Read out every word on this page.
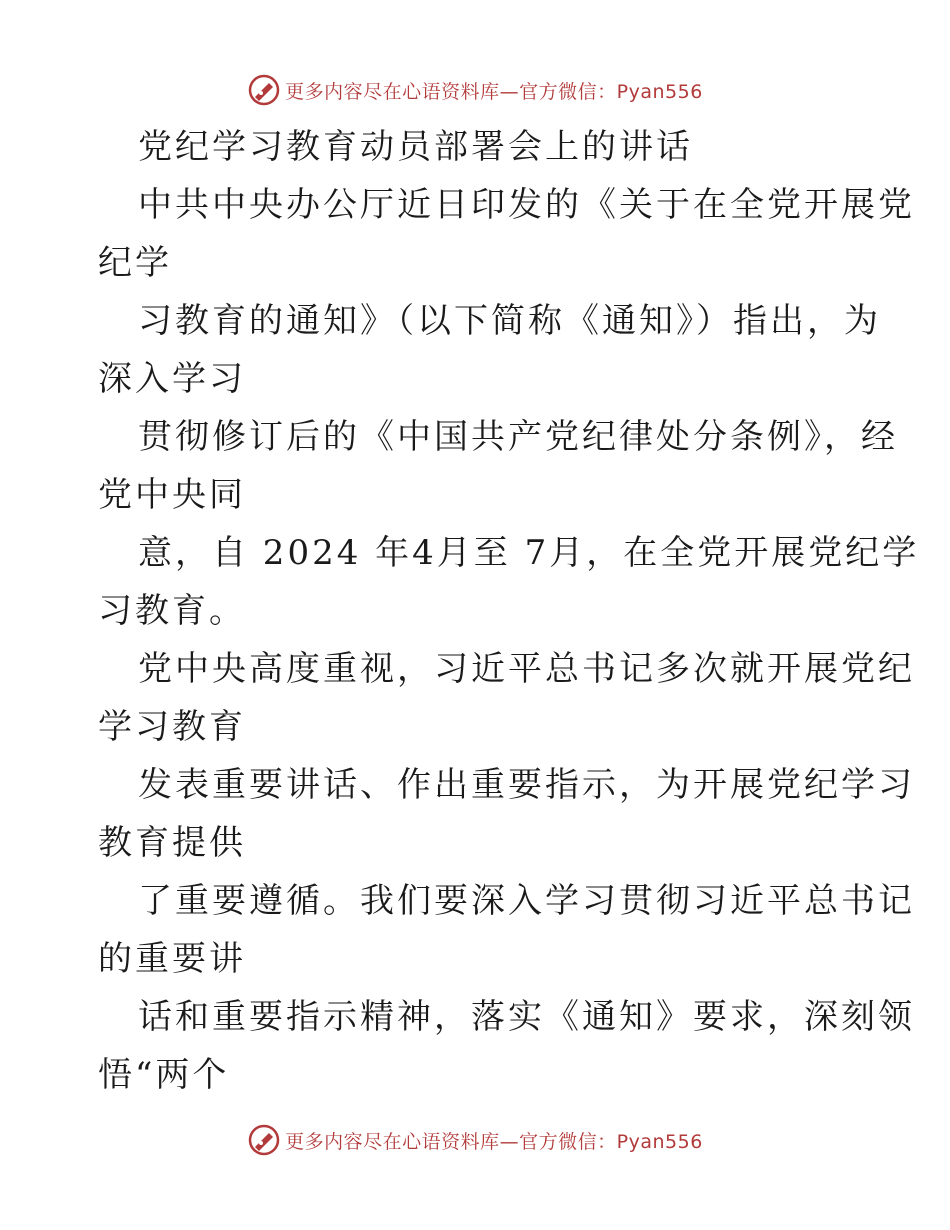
更多内容尽在心语资料库—官方微信：Pyan556
党纪学习教育动员部署会上的讲话
中共中央办公厅近日印发的《关于在全党开展党
纪学
习教育的通知》（以下简称《通知》）指出，为
深入学习
贯彻修订后的《中国共产党纪律处分条例》，经
党中央同
意，自 2024 年4月至 7月，在全党开展党纪学
习教育。
党中央高度重视，习近平总书记多次就开展党纪
学习教育
发表重要讲话、作出重要指示，为开展党纪学习
教育提供
了重要遵循。我们要深入学习贯彻习近平总书记
的重要讲
话和重要指示精神，落实《通知》要求，深刻领
悟“两个
更多内容尽在心语资料库—官方微信：Pyan556
